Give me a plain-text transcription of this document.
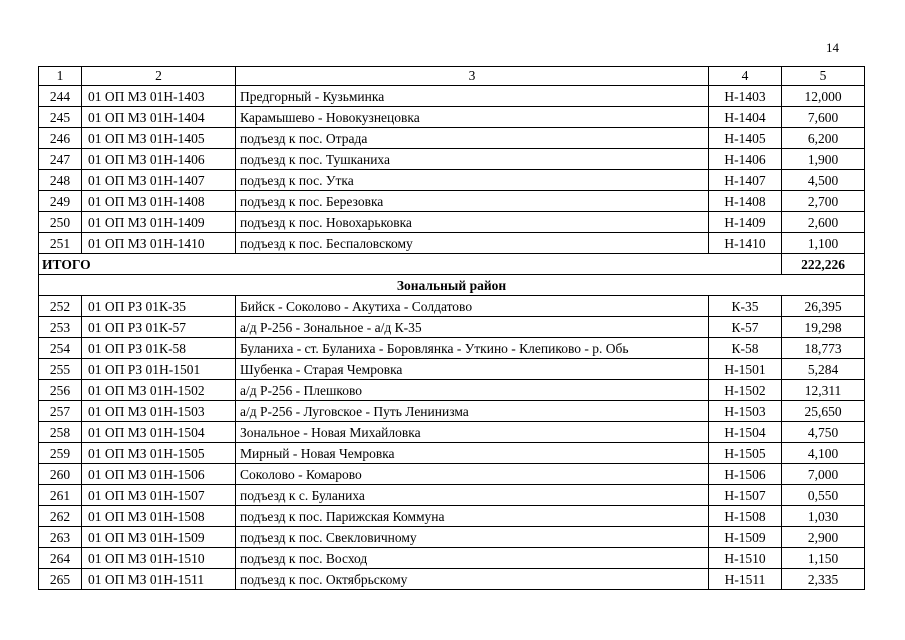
14
1	2	3	4	5
244	01 ОП МЗ 01Н-1403	Предгорный - Кузьминка	Н-1403	12,000
245	01 ОП МЗ 01Н-1404	Карамышево - Новокузнецовка	Н-1404	7,600
246	01 ОП МЗ 01Н-1405	подъезд к пос. Отрада	Н-1405	6,200
247	01 ОП МЗ 01Н-1406	подъезд к пос. Тушканиха	Н-1406	1,900
248	01 ОП МЗ 01Н-1407	подъезд к пос. Утка	Н-1407	4,500
249	01 ОП МЗ 01Н-1408	подъезд к пос. Березовка	Н-1408	2,700
250	01 ОП МЗ 01Н-1409	подъезд к пос. Новохарьковка	Н-1409	2,600
251	01 ОП МЗ 01Н-1410	подъезд к пос. Беспаловскому	Н-1410	1,100
ИТОГО				222,226
Зональный район				
252	01 ОП РЗ 01К-35	Бийск - Соколово - Акутиха - Солдатово	К-35	26,395
253	01 ОП РЗ 01К-57	а/д Р-256 - Зональное - а/д К-35	К-57	19,298
254	01 ОП РЗ 01К-58	Буланиха - ст. Буланиха - Боровлянка - Уткино - Клепиково - р. Обь	К-58	18,773
255	01 ОП РЗ 01Н-1501	Шубенка - Старая Чемровка	Н-1501	5,284
256	01 ОП МЗ 01Н-1502	а/д Р-256 - Плешково	Н-1502	12,311
257	01 ОП МЗ 01Н-1503	а/д Р-256 - Луговское - Путь Ленинизма	Н-1503	25,650
258	01 ОП МЗ 01Н-1504	Зональное - Новая Михайловка	Н-1504	4,750
259	01 ОП МЗ 01Н-1505	Мирный - Новая Чемровка	Н-1505	4,100
260	01 ОП МЗ 01Н-1506	Соколово - Комарово	Н-1506	7,000
261	01 ОП МЗ 01Н-1507	подъезд к с. Буланиха	Н-1507	0,550
262	01 ОП МЗ 01Н-1508	подъезд к пос. Парижская Коммуна	Н-1508	1,030
263	01 ОП МЗ 01Н-1509	подъезд к пос. Свекловичному	Н-1509	2,900
264	01 ОП МЗ 01Н-1510	подъезд к пос. Восход	Н-1510	1,150
265	01 ОП МЗ 01Н-1511	подъезд к пос. Октябрьскому	Н-1511	2,335
